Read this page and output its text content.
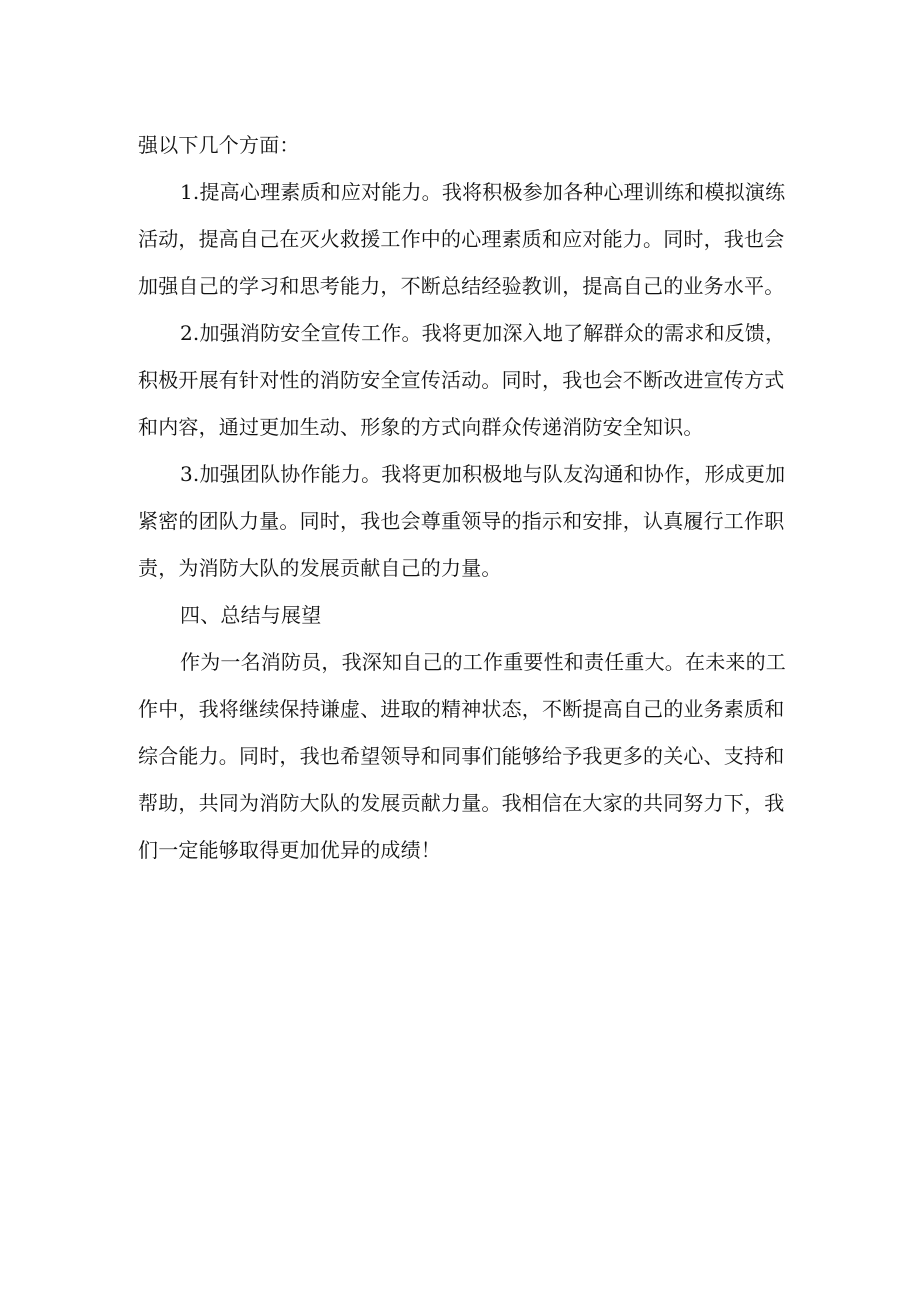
强以下几个方面：

1.提高心理素质和应对能力。我将积极参加各种心理训练和模拟演练

活动，提高自己在灭火救援工作中的心理素质和应对能力。同时，我也会

加强自己的学习和思考能力，不断总结经验教训，提高自己的业务水平。

2.加强消防安全宣传工作。我将更加深入地了解群众的需求和反馈，

积极开展有针对性的消防安全宣传活动。同时，我也会不断改进宣传方式

和内容，通过更加生动、形象的方式向群众传递消防安全知识。

3.加强团队协作能力。我将更加积极地与队友沟通和协作，形成更加

紧密的团队力量。同时，我也会尊重领导的指示和安排，认真履行工作职

责，为消防大队的发展贡献自己的力量。

四、总结与展望

作为一名消防员，我深知自己的工作重要性和责任重大。在未来的工

作中，我将继续保持谦虚、进取的精神状态，不断提高自己的业务素质和

综合能力。同时，我也希望领导和同事们能够给予我更多的关心、支持和

帮助，共同为消防大队的发展贡献力量。我相信在大家的共同努力下，我

们一定能够取得更加优异的成绩！
